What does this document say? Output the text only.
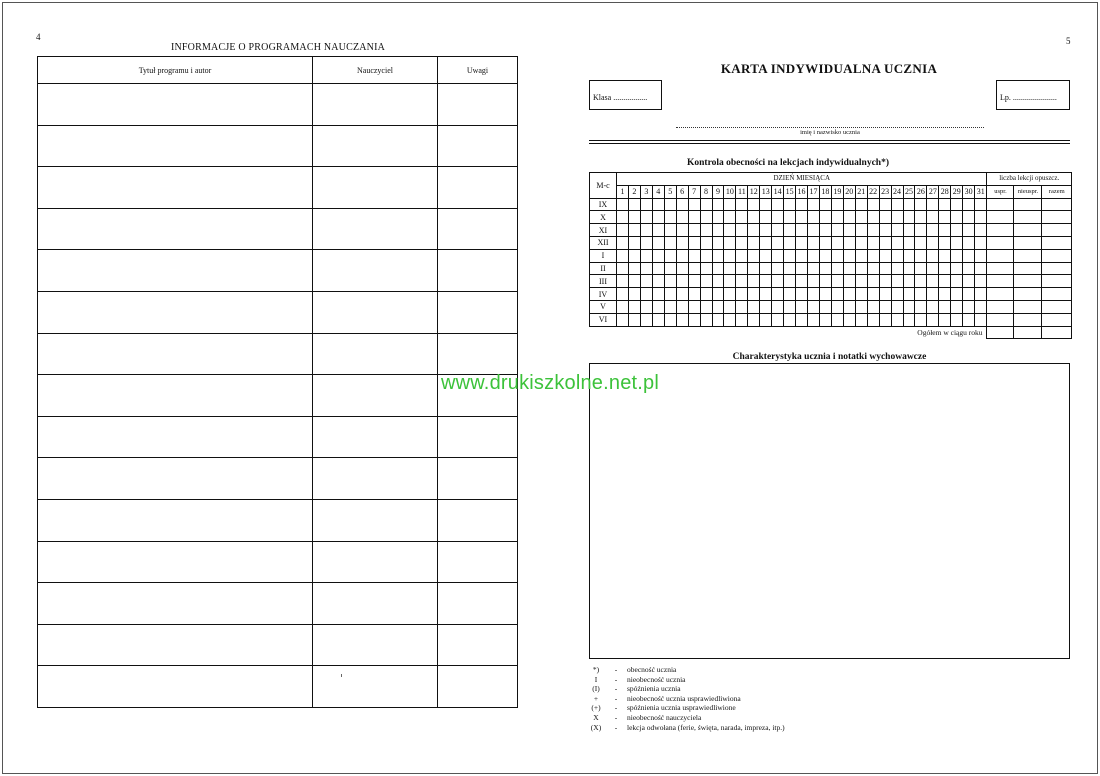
4
INFORMACJE O PROGRAMACH NAUCZANIA
Tytuł programu i autor	Nauczyciel	Uwagi

5
KARTA INDYWIDUALNA UCZNIA
Klasa .................	Lp. ......................
imię i nazwisko ucznia
Kontrola obecności na lekcjach indywidualnych*)
M-c	DZIEŃ MIESIĄCA																															liczba lekcji opuszcz.		
	1	2	3	4	5	6	7	8	9	10	11	12	13	14	15	16	17	18	19	20	21	22	23	24	25	26	27	28	29	30	31	uspr.	nieuspr.	razem
IX																																		
X																																		
XI																																		
XII																																		
I																																		
II																																		
III																																		
IV																																		
V																																		
VI																																		
Ogółem w ciągu roku																																		
Charakterystyka ucznia i notatki wychowawcze
*)	-	obecność ucznia
I	-	nieobecność ucznia
(I)	-	spóźnienia ucznia
+	-	nieobecność ucznia usprawiedliwiona
(+)	-	spóźnienia ucznia usprawiedliwione
X	-	nieobecność nauczyciela
(X)	-	lekcja odwołana (ferie, święta, narada, impreza, itp.)
www.drukiszkolne.net.pl
